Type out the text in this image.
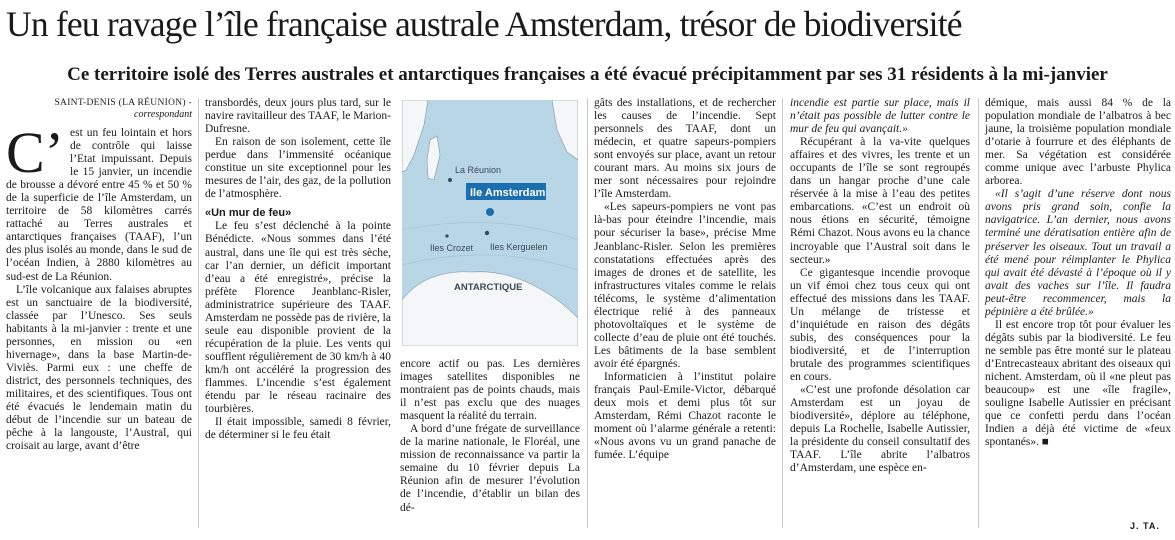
Un feu ravage l’île française australe Amsterdam, trésor de biodiversité
Ce territoire isolé des Terres australes et antarctiques françaises a été évacué précipitamment par ses 31 résidents à la mi-janvier
SAINT-DENIS (LA RÉUNION) -
correspondant

C’ est un feu lointain et hors de contrôle qui laisse l’Etat impuissant. Depuis le 15 janvier, un incendie de brousse a dévoré entre 45 % et 50 % de la superficie de l’île Amsterdam, un territoire de 58 kilomètres carrés rattaché au Terres australes et antarctiques françaises (TAAF), l’un des plus isolés au monde, dans le sud de l’océan Indien, à 2880 kilomètres au sud-est de La Réunion.

L’île volcanique aux falaises abruptes est un sanctuaire de la biodiversité, classée par l’Unesco. Ses seuls habitants à la mi-janvier : trente et une personnes, en mission ou «en hivernage», dans la base Martin-de-Viviès. Parmi eux : une cheffe de district, des personnels techniques, des militaires, et des scientifiques. Tous ont été évacués le lendemain matin du début de l’incendie sur un bateau de pêche à la langouste, l’Austral, qui croisait au large, avant d’être

transbordés, deux jours plus tard, sur le navire ravitailleur des TAAF, le Marion-Dufresne.

En raison de son isolement, cette île perdue dans l’immensité océanique constitue un site exceptionnel pour les mesures de l’air, des gaz, de la pollution de l’atmosphère.

«Un mur de feu»

Le feu s’est déclenché à la pointe Bénédicte. «Nous sommes dans l’été austral, dans une île qui est très sèche, car l’an dernier, un déficit important d’eau a été enregistré», précise la préfète Florence Jeanblanc-Risler, administratrice supérieure des TAAF. Amsterdam ne possède pas de rivière, la seule eau disponible provient de la récupération de la pluie. Les vents qui soufflent régulièrement de 30 km/h à 40 km/h ont accéléré la progression des flammes. L’incendie s’est également étendu par le réseau racinaire des tourbières.

Il était impossible, samedi 8 février, de déterminer si le feu était

La Réunion
Ile Amsterdam
Iles Crozet Iles Kerguelen
ANTARCTIQUE

encore actif ou pas. Les dernières images satellites disponibles ne montraient pas de points chauds, mais il n’est pas exclu que des nuages masquent la réalité du terrain.

A bord d’une frégate de surveillance de la marine nationale, le Floréal, une mission de reconnaissance va partir la semaine du 10 février depuis La Réunion afin de mesurer l’évolution de l’incendie, d’établir un bilan des dé-

gâts des installations, et de rechercher les causes de l’incendie. Sept personnels des TAAF, dont un médecin, et quatre sapeurs-pompiers sont envoyés sur place, avant un retour courant mars. Au moins six jours de mer sont nécessaires pour rejoindre l’île Amsterdam.

«Les sapeurs-pompiers ne vont pas là-bas pour éteindre l’incendie, mais pour sécuriser la base», précise Mme Jeanblanc-Risler. Selon les premières constatations effectuées après des images de drones et de satellite, les infrastructures vitales comme le relais télécoms, le système d’alimentation électrique relié à des panneaux photovoltaïques et le système de collecte d’eau de pluie ont été touchés. Les bâtiments de la base semblent avoir été épargnés.

Informaticien à l’institut polaire français Paul-Emile-Victor, débarqué deux mois et demi plus tôt sur Amsterdam, Rémi Chazot raconte le moment où l’alarme générale a retenti: «Nous avons vu un grand panache de fumée. L’équipe

incendie est partie sur place, mais il n’était pas possible de lutter contre le mur de feu qui avançait.»

Récupérant à la va-vite quelques affaires et des vivres, les trente et un occupants de l’île se sont regroupés dans un hangar proche d’une cale réservée à la mise à l’eau des petites embarcations. «C’est un endroit où nous étions en sécurité, témoigne Rémi Chazot. Nous avons eu la chance incroyable que l’Austral soit dans le secteur.»

Ce gigantesque incendie provoque un vif émoi chez tous ceux qui ont effectué des missions dans les TAAF. Un mélange de tristesse et d’inquiétude en raison des dégâts subis, des conséquences pour la biodiversité, et de l’interruption brutale des programmes scientifiques en cours.

«C’est une profonde désolation car Amsterdam est un joyau de biodiversité», déplore au téléphone, depuis La Rochelle, Isabelle Autissier, la présidente du conseil consultatif des TAAF. L’île abrite l’albatros d’Amsterdam, une espèce en-

démique, mais aussi 84 % de la population mondiale de l’albatros à bec jaune, la troisième population mondiale d’otarie à fourrure et des éléphants de mer. Sa végétation est considérée comme unique avec l’arbuste Phylica arborea.

«Il s’agit d’une réserve dont nous avons pris grand soin, confie la navigatrice. L’an dernier, nous avons terminé une dératisation entière afin de préserver les oiseaux. Tout un travail a été mené pour réimplanter le Phylica qui avait été dévasté à l’époque où il y avait des vaches sur l’île. Il faudra peut-être recommencer, mais la pépinière a été brûlée.»

Il est encore trop tôt pour évaluer les dégâts subis par la biodiversité. Le feu ne semble pas être monté sur le plateau d’Entrecasteaux abritant des oiseaux qui nichent. Amsterdam, où il «ne pleut pas beaucoup» est une «île fragile», souligne Isabelle Autissier en précisant que ce confetti perdu dans l’océan Indien a déjà été victime de «feux spontanés». ■

J. TA.
